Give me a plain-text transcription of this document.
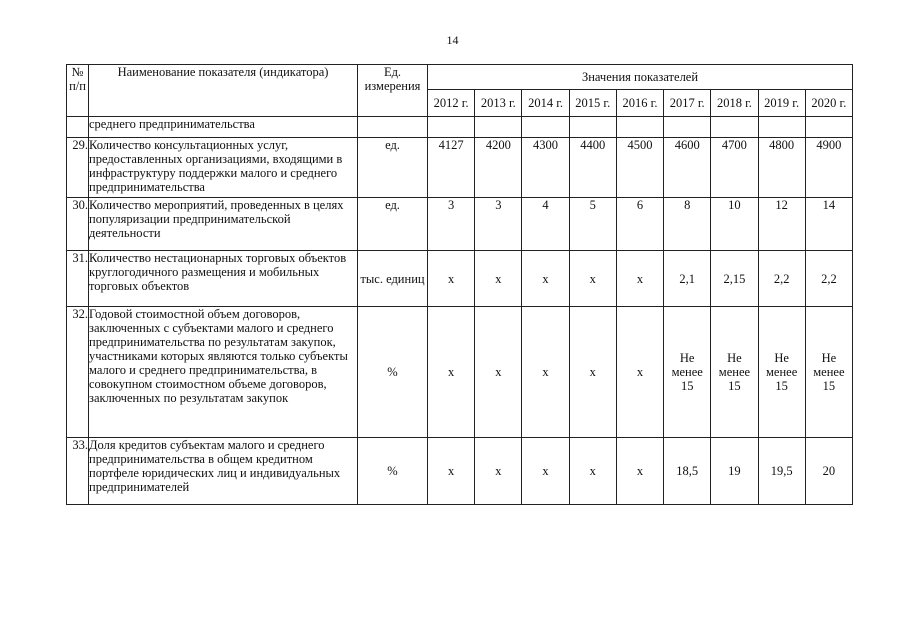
14
№ п/п	Наименование показателя (индикатора)	Ед. измерения	Значения показателей								
			2012 г.	2013 г.	2014 г.	2015 г.	2016 г.	2017 г.	2018 г.	2019 г.	2020 г.
	среднего предпринимательства										
29.	Количество консультационных услуг, предоставленных организациями, входящими в инфраструктуру поддержки малого и среднего предпринимательства	ед.	4127	4200	4300	4400	4500	4600	4700	4800	4900
30.	Количество мероприятий, проведенных в целях популяризации предпринимательской деятельности	ед.	3	3	4	5	6	8	10	12	14
31.	Количество нестационарных торговых объектов круглогодичного размещения и мобильных торговых объектов	тыс. единиц	х	х	х	х	х	2,1	2,15	2,2	2,2
32.	Годовой стоимостной объем договоров, заключенных с субъектами малого и среднего предпринимательства по результатам закупок, участниками которых являются только субъекты малого и среднего предпринимательства, в совокупном стоимостном объеме договоров, заключенных по результатам закупок	%	х	х	х	х	х	Не менее 15	Не менее 15	Не менее 15	Не менее 15
33.	Доля кредитов субъектам малого и среднего предпринимательства в общем кредитном портфеле юридических лиц и индивидуальных предпринимателей	%	х	х	х	х	х	18,5	19	19,5	20
